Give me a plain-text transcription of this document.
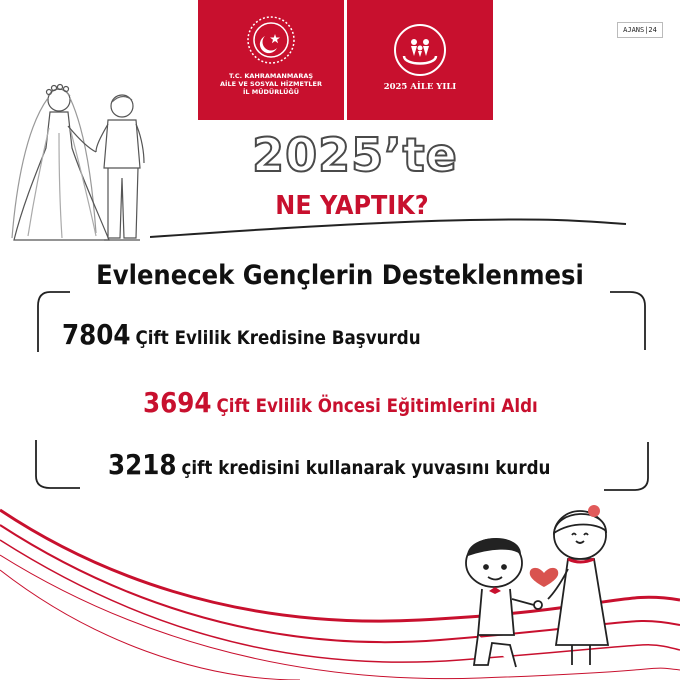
T.C. KAHRAMANMARAŞ
AİLE VE SOSYAL HİZMETLER
İL MÜDÜRLÜĞÜ	2025 AİLE YILI
AJANS|24
2025’te
NE YAPTIK?
Evlenecek Gençlerin Desteklenmesi
7804 Çift Evlilik Kredisine Başvurdu
3694 Çift Evlilik Öncesi Eğitimlerini Aldı
3218 çift kredisini kullanarak yuvasını kurdu
